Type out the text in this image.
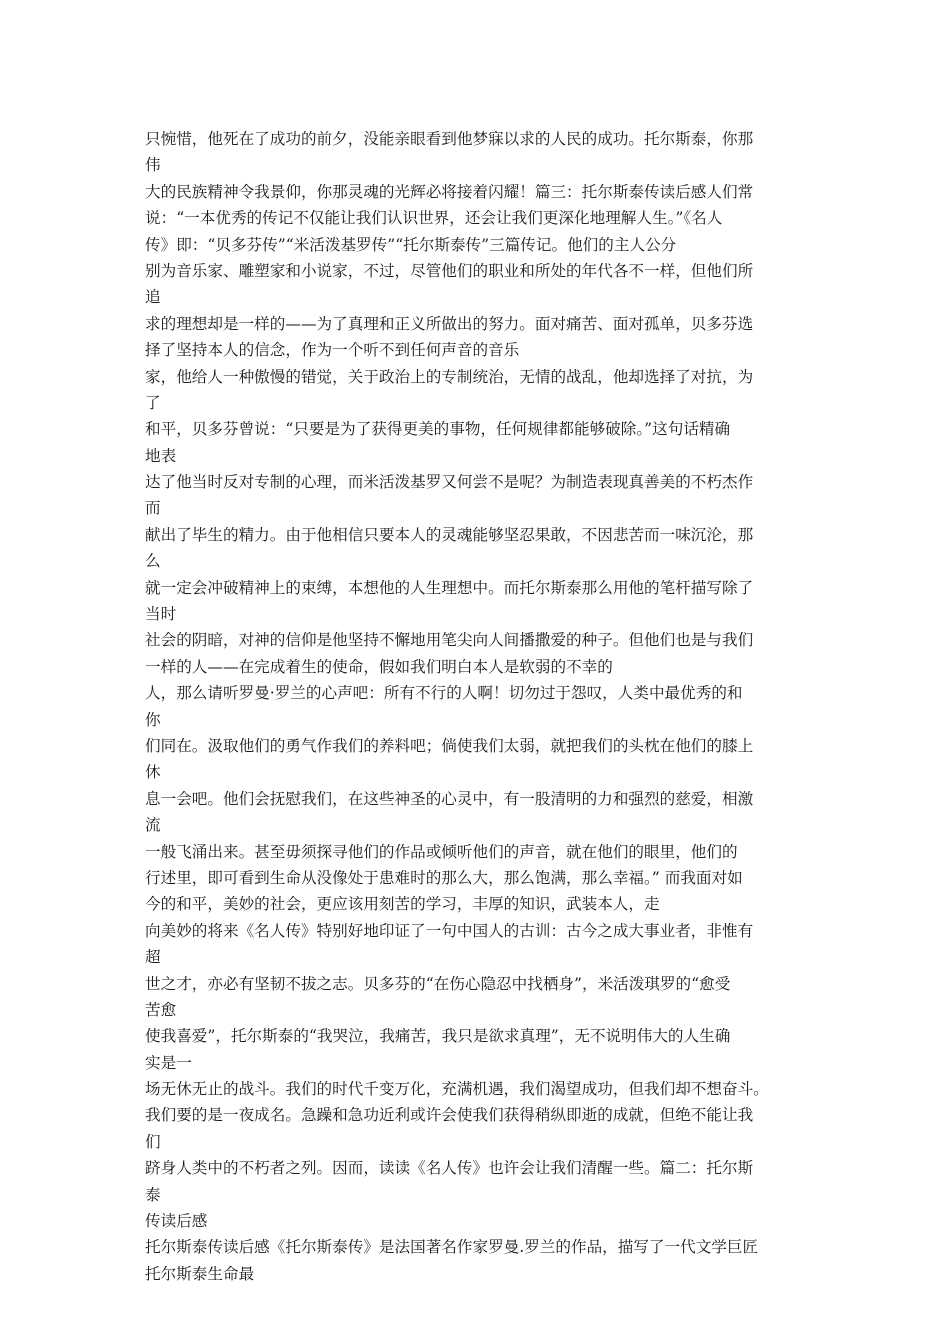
只惋惜，他死在了成功的前夕，没能亲眼看到他梦寐以求的人民的成功。托尔斯泰，你那
伟
大的民族精神令我景仰，你那灵魂的光辉必将接着闪耀！篇三：托尔斯泰传读后感人们常
说：“一本优秀的传记不仅能让我们认识世界，还会让我们更深化地理解人生。”《名人
传》即：“贝多芬传”“米活泼基罗传”“托尔斯泰传”三篇传记。他们的主人公分
别为音乐家、雕塑家和小说家，不过，尽管他们的职业和所处的年代各不一样，但他们所
追
求的理想却是一样的——为了真理和正义所做出的努力。面对痛苦、面对孤单，贝多芬选
择了坚持本人的信念，作为一个听不到任何声音的音乐
家，他给人一种傲慢的错觉，关于政治上的专制统治，无情的战乱，他却选择了对抗，为
了
和平，贝多芬曾说：“只要是为了获得更美的事物，任何规律都能够破除。”这句话精确
地表
达了他当时反对专制的心理，而米活泼基罗又何尝不是呢？为制造表现真善美的不朽杰作
而
献出了毕生的精力。由于他相信只要本人的灵魂能够坚忍果敢，不因悲苦而一味沉沦，那
么
就一定会冲破精神上的束缚，本想他的人生理想中。而托尔斯泰那么用他的笔杆描写除了
当时
社会的阴暗，对神的信仰是他坚持不懈地用笔尖向人间播撒爱的种子。但他们也是与我们
一样的人——在完成着生的使命，假如我们明白本人是软弱的不幸的
人，那么请听罗曼·罗兰的心声吧：所有不行的人啊！切勿过于怨叹，人类中最优秀的和
你
们同在。汲取他们的勇气作我们的养料吧；倘使我们太弱，就把我们的头枕在他们的膝上
休
息一会吧。他们会抚慰我们，在这些神圣的心灵中，有一股清明的力和强烈的慈爱，相激
流
一般飞涌出来。甚至毋须探寻他们的作品或倾听他们的声音，就在他们的眼里，他们的
行述里，即可看到生命从没像处于患难时的那么大，那么饱满，那么幸福。” 而我面对如
今的和平，美妙的社会，更应该用刻苦的学习，丰厚的知识，武装本人，走
向美妙的将来《名人传》特别好地印证了一句中国人的古训：古今之成大事业者，非惟有
超
世之才，亦必有坚韧不拔之志。贝多芬的“在伤心隐忍中找栖身”，米活泼琪罗的“愈受
苦愈
使我喜爱”，托尔斯泰的“我哭泣，我痛苦，我只是欲求真理”，无不说明伟大的人生确
实是一
场无休无止的战斗。我们的时代千变万化，充满机遇，我们渴望成功，但我们却不想奋斗。
我们要的是一夜成名。急躁和急功近利或许会使我们获得稍纵即逝的成就，但绝不能让我
们
跻身人类中的不朽者之列。因而，读读《名人传》也许会让我们清醒一些。篇二：托尔斯
泰
传读后感
托尔斯泰传读后感《托尔斯泰传》是法国著名作家罗曼.罗兰的作品，描写了一代文学巨匠
托尔斯泰生命最
